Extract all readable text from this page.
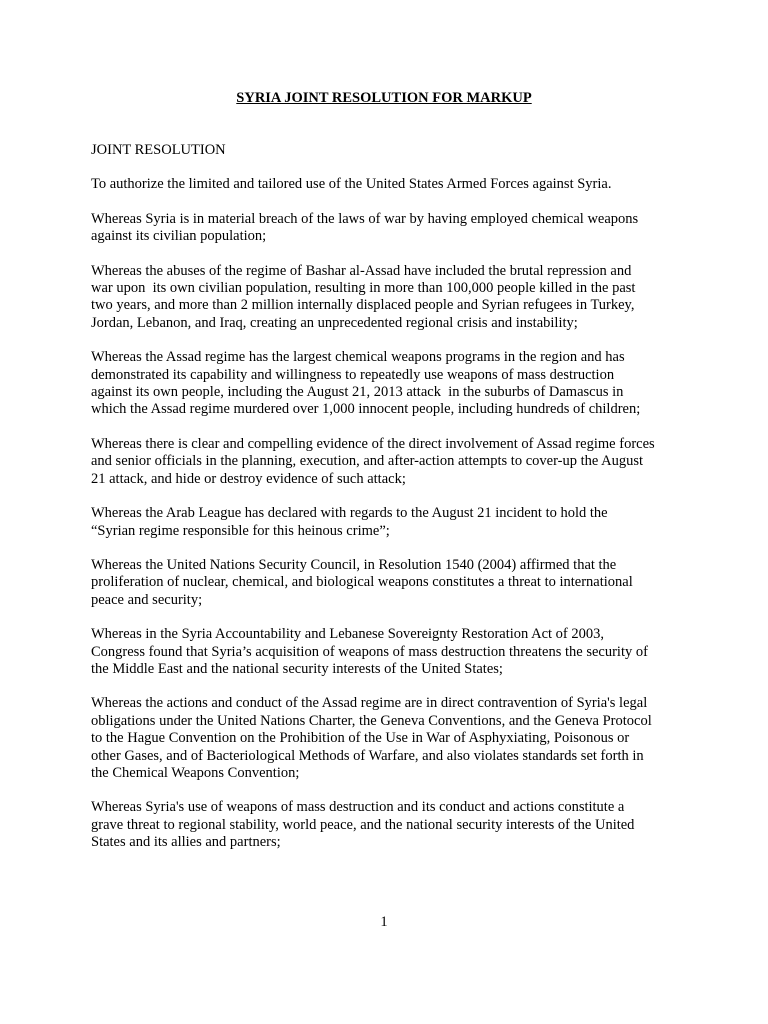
SYRIA JOINT RESOLUTION FOR MARKUP

JOINT RESOLUTION

To authorize the limited and tailored use of the United States Armed Forces against Syria.

Whereas Syria is in material breach of the laws of war by having employed chemical weapons
against its civilian population;

Whereas the abuses of the regime of Bashar al-Assad have included the brutal repression and
war upon  its own civilian population, resulting in more than 100,000 people killed in the past
two years, and more than 2 million internally displaced people and Syrian refugees in Turkey,
Jordan, Lebanon, and Iraq, creating an unprecedented regional crisis and instability;

Whereas the Assad regime has the largest chemical weapons programs in the region and has
demonstrated its capability and willingness to repeatedly use weapons of mass destruction
against its own people, including the August 21, 2013 attack  in the suburbs of Damascus in
which the Assad regime murdered over 1,000 innocent people, including hundreds of children;

Whereas there is clear and compelling evidence of the direct involvement of Assad regime forces
and senior officials in the planning, execution, and after-action attempts to cover-up the August
21 attack, and hide or destroy evidence of such attack;

Whereas the Arab League has declared with regards to the August 21 incident to hold the
“Syrian regime responsible for this heinous crime”;

Whereas the United Nations Security Council, in Resolution 1540 (2004) affirmed that the
proliferation of nuclear, chemical, and biological weapons constitutes a threat to international
peace and security;

Whereas in the Syria Accountability and Lebanese Sovereignty Restoration Act of 2003,
Congress found that Syria’s acquisition of weapons of mass destruction threatens the security of
the Middle East and the national security interests of the United States;

Whereas the actions and conduct of the Assad regime are in direct contravention of Syria's legal
obligations under the United Nations Charter, the Geneva Conventions, and the Geneva Protocol
to the Hague Convention on the Prohibition of the Use in War of Asphyxiating, Poisonous or
other Gases, and of Bacteriological Methods of Warfare, and also violates standards set forth in
the Chemical Weapons Convention;

Whereas Syria's use of weapons of mass destruction and its conduct and actions constitute a
grave threat to regional stability, world peace, and the national security interests of the United
States and its allies and partners;

1
